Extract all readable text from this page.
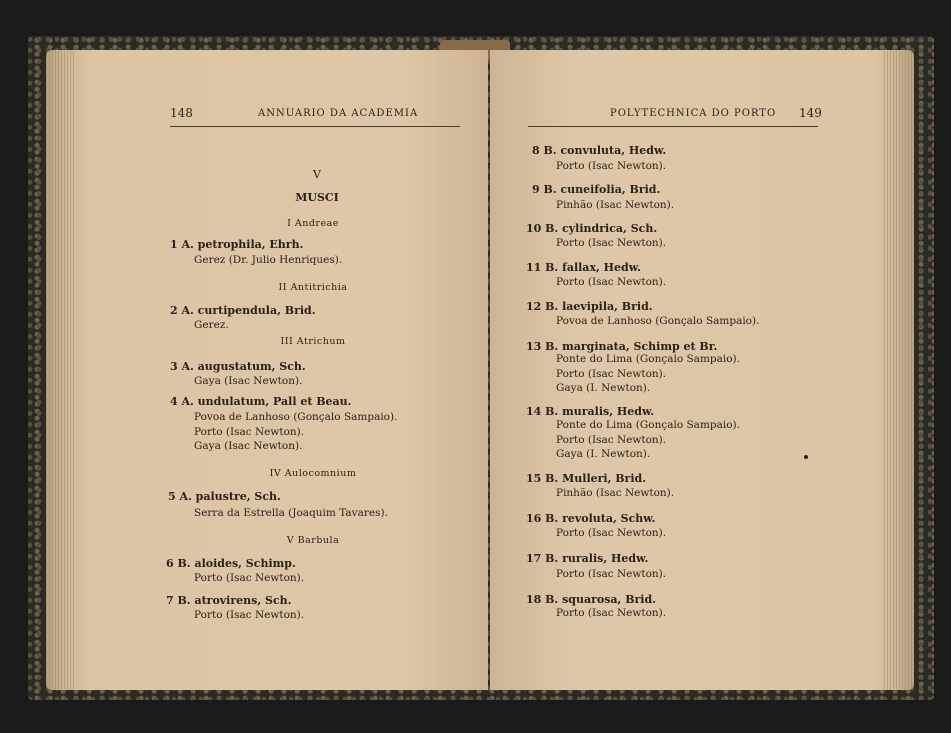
148	ANNUARIO DA ACADEMIA
V
MUSCI
I Andreae
1 A. petrophila, Ehrh.
Gerez (Dr. Julio Henriques).
II Antitrichia
2 A. curtipendula, Brid.
Gerez.
III Atrichum
3 A. augustatum, Sch.
Gaya (Isac Newton).
4 A. undulatum, Pall et Beau.
Povoa de Lanhoso (Gonçalo Sampaio).
Porto (Isac Newton).
Gaya (Isac Newton).
IV Aulocomnium
5 A. palustre, Sch.
Serra da Estrella (Joaquim Tavares).
V Barbula
6 B. aloides, Schimp.
Porto (Isac Newton).
7 B. atrovirens, Sch.
Porto (Isac Newton).
POLYTECHNICA DO PORTO 149
8 B. convuluta, Hedw.
Porto (Isac Newton).
9 B. cuneifolia, Brid.
Pinhão (Isac Newton).
10 B. cylindrica, Sch.
Porto (Isac Newton).
11 B. fallax, Hedw.
Porto (Isac Newton).
12 B. laevipila, Brid.
Povoa de Lanhoso (Gonçalo Sampaio).
13 B. marginata, Schimp et Br.
Ponte do Lima (Gonçalo Sampaio).
Porto (Isac Newton).
Gaya (I. Newton).
14 B. muralis, Hedw.
Ponte do Lima (Gonçalo Sampaio).
Porto (Isac Newton).
Gaya (I. Newton).
15 B. Mulleri, Brid.
Pinhão (Isac Newton).
16 B. revoluta, Schw.
Porto (Isac Newton).
17 B. ruralis, Hedw.
Porto (Isac Newton).
18 B. squarosa, Brid.
Porto (Isac Newton).
